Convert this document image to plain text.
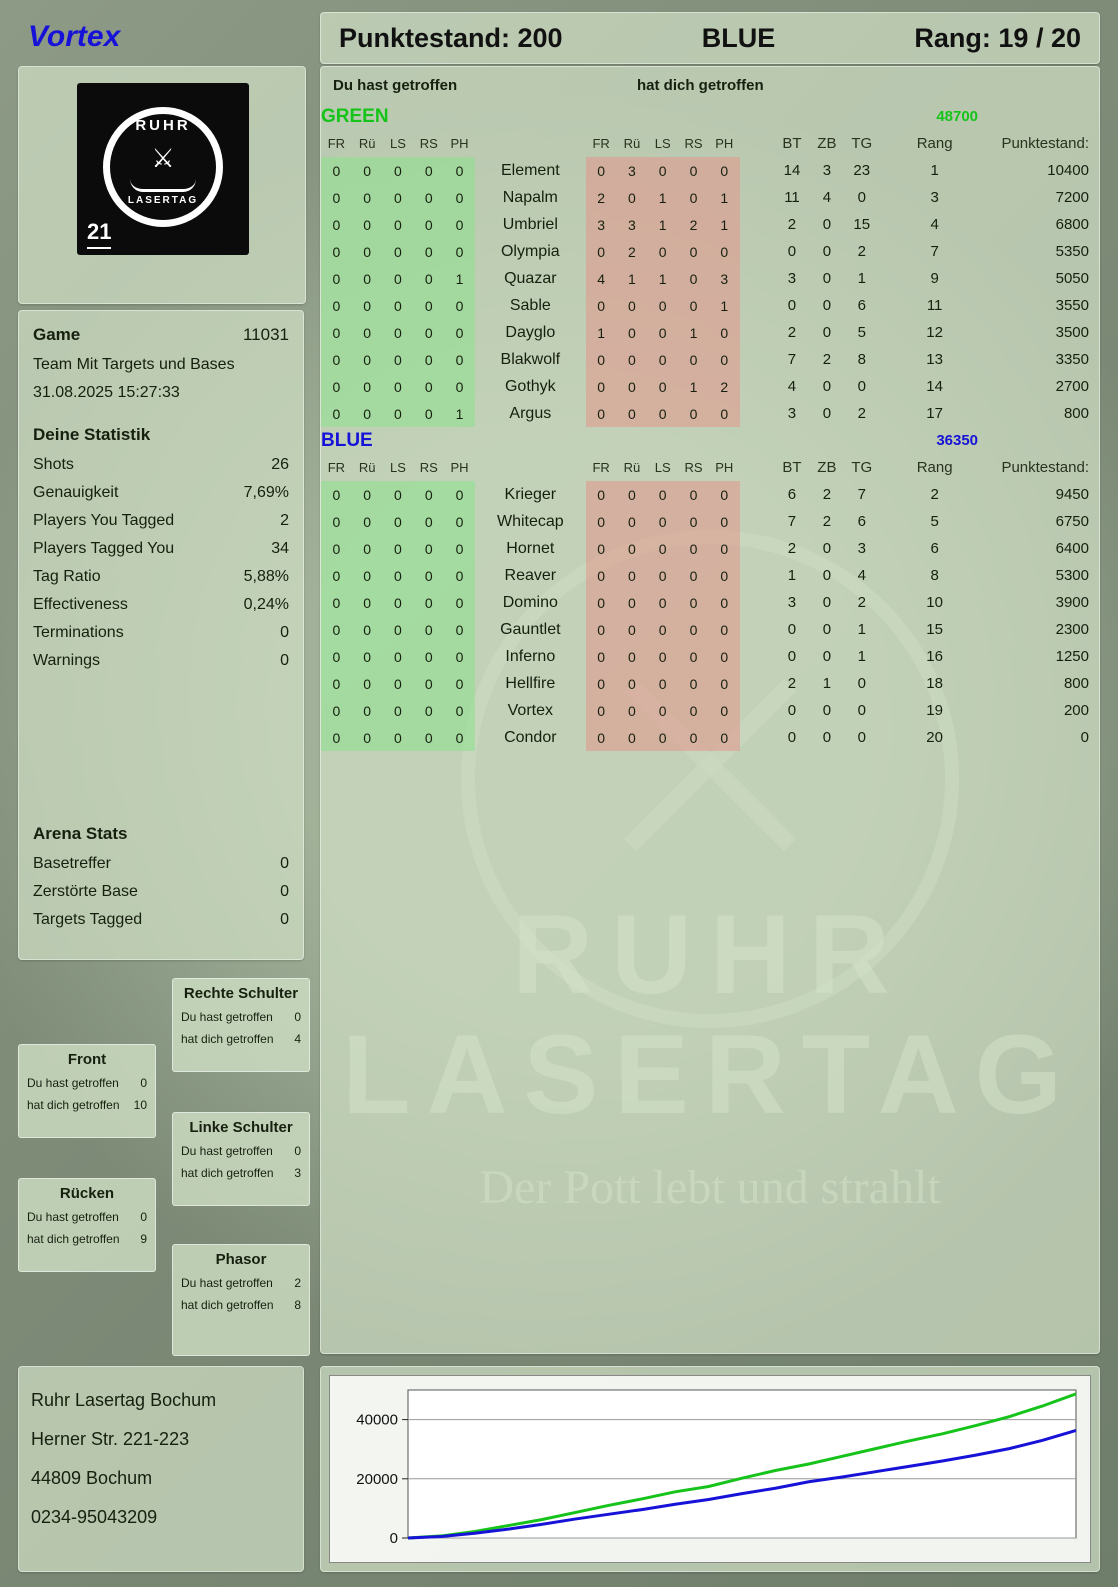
Vortex	Punktestand: 200	BLUE	Rang: 19 / 20
RUHR
⚔
LASERTAG
21
Game	11031
Team Mit Targets und Bases
31.08.2025 15:27:33
Deine Statistik
Shots	26
Genauigkeit	7,69%
Players You Tagged	2
Players Tagged You	34
Tag Ratio	5,88%
Effectiveness	0,24%
Terminations	0
Warnings	0
Arena Stats
Basetreffer	0
Zerstörte Base	0
Targets Tagged	0
Rechte Schulter
Du hast getroffen 0
hat dich getroffen 4
Front
Du hast getroffen 0
hat dich getroffen 10
Linke Schulter
Du hast getroffen 0
hat dich getroffen 3
Rücken
Du hast getroffen 0
hat dich getroffen 9
Phasor
Du hast getroffen 2
hat dich getroffen 8
Ruhr Lasertag Bochum
Herner Str. 221-223
44809 Bochum
0234-95043209
Du hast getroffen	hat dich getroffen
GREEN															48700	
FR	Rü	LS	RS	PH		FR	Rü	LS	RS	PH		BT	ZB	TG	Rang	Punktestand:
0	0	0	0	0	Element	0	3	0	0	0		14	3	23	1	10400
0	0	0	0	0	Napalm	2	0	1	0	1		11	4	0	3	7200
0	0	0	0	0	Umbriel	3	3	1	2	1		2	0	15	4	6800
0	0	0	0	0	Olympia	0	2	0	0	0		0	0	2	7	5350
0	0	0	0	1	Quazar	4	1	1	0	3		3	0	1	9	5050
0	0	0	0	0	Sable	0	0	0	0	1		0	0	6	11	3550
0	0	0	0	0	Dayglo	1	0	0	1	0		2	0	5	12	3500
0	0	0	0	0	Blakwolf	0	0	0	0	0		7	2	8	13	3350
0	0	0	0	0	Gothyk	0	0	0	1	2		4	0	0	14	2700
0	0	0	0	1	Argus	0	0	0	0	0		3	0	2	17	800
BLUE															36350	
FR	Rü	LS	RS	PH		FR	Rü	LS	RS	PH		BT	ZB	TG	Rang	Punktestand:
0	0	0	0	0	Krieger	0	0	0	0	0		6	2	7	2	9450
0	0	0	0	0	Whitecap	0	0	0	0	0		7	2	6	5	6750
0	0	0	0	0	Hornet	0	0	0	0	0		2	0	3	6	6400
0	0	0	0	0	Reaver	0	0	0	0	0		1	0	4	8	5300
0	0	0	0	0	Domino	0	0	0	0	0		3	0	2	10	3900
0	0	0	0	0	Gauntlet	0	0	0	0	0		0	0	1	15	2300
0	0	0	0	0	Inferno	0	0	0	0	0		0	0	1	16	1250
0	0	0	0	0	Hellfire	0	0	0	0	0		2	1	0	18	800
0	0	0	0	0	Vortex	0	0	0	0	0		0	0	0	19	200
0	0	0	0	0	Condor	0	0	0	0	0		0	0	0	20	0
0
20000
40000
